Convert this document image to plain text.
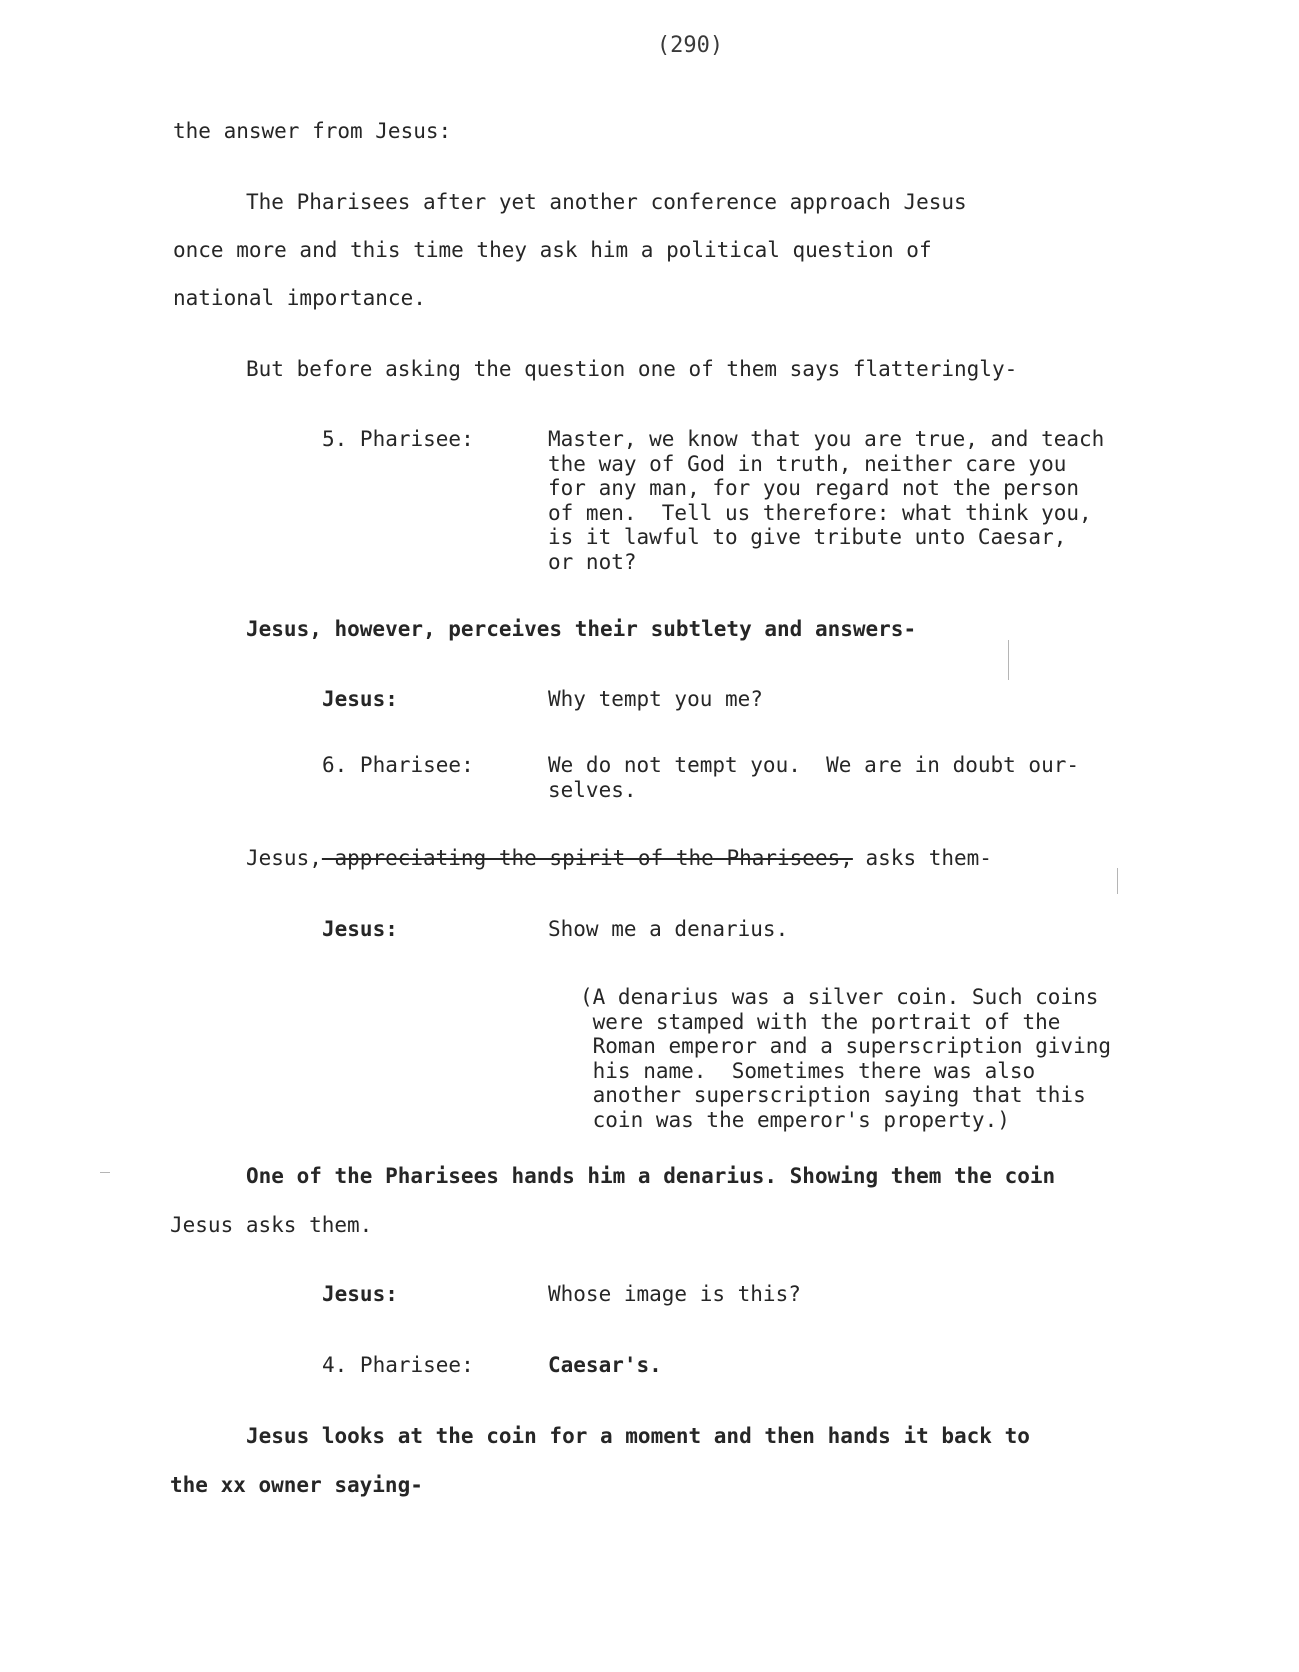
(290)
the answer from Jesus:
The Pharisees after yet another conference approach Jesus
once more and this time they ask him a political question of
national importance.
But before asking the question one of them says flatteringly-
5. Pharisee:	Master, we know that you are true, and teach
the way of God in truth, neither care you
for any man, for you regard not the person
of men.  Tell us therefore: what think you,
is it lawful to give tribute unto Caesar,
or not?
Jesus, however, perceives their subtlety and answers-
Jesus:	Why tempt you me?
6. Pharisee:	We do not tempt you.  We are in doubt our-
selves.
Jesus, appreciating the spirit of the Pharisees, asks them-
Jesus:	Show me a denarius.
(A denarius was a silver coin. Such coins
were stamped with the portrait of the
Roman emperor and a superscription giving
his name.  Sometimes there was also
another superscription saying that this
coin was the emperor's property.)
One of the Pharisees hands him a denarius. Showing them the coin
Jesus asks them.
Jesus:	Whose image is this?
4. Pharisee:	Caesar's.
Jesus looks at the coin for a moment and then hands it back to
the xx owner saying-
